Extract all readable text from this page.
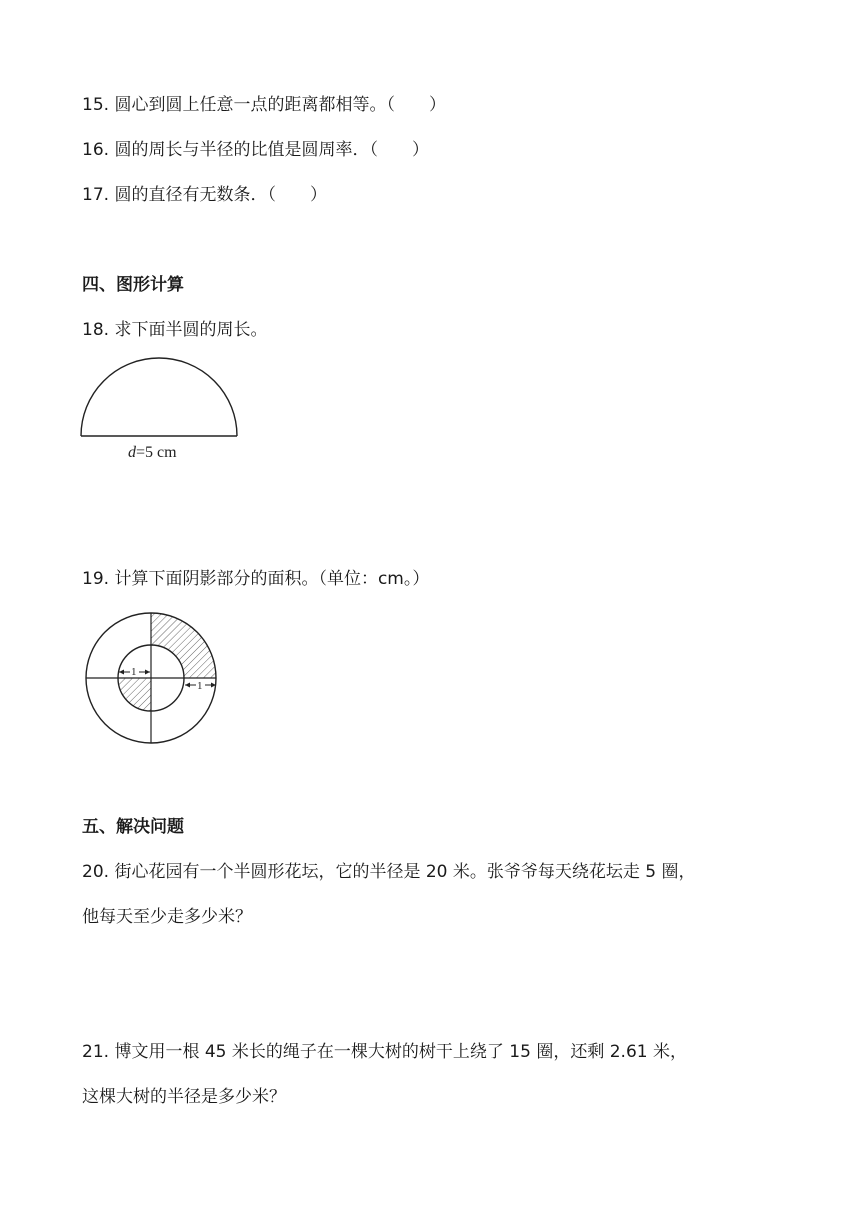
15. 圆心到圆上任意一点的距离都相等。（　　）
16. 圆的周长与半径的比值是圆周率．（　　）
17. 圆的直径有无数条．（　　）
四、图形计算
18. 求下面半圆的周长。
d=5 cm
19. 计算下面阴影部分的面积。（单位：cm。）
1
1
五、解决问题
20. 街心花园有一个半圆形花坛，它的半径是 20 米。张爷爷每天绕花坛走 5 圈，
他每天至少走多少米？
21. 博文用一根 45 米长的绳子在一棵大树的树干上绕了 15 圈，还剩 2.61 米，
这棵大树的半径是多少米？
